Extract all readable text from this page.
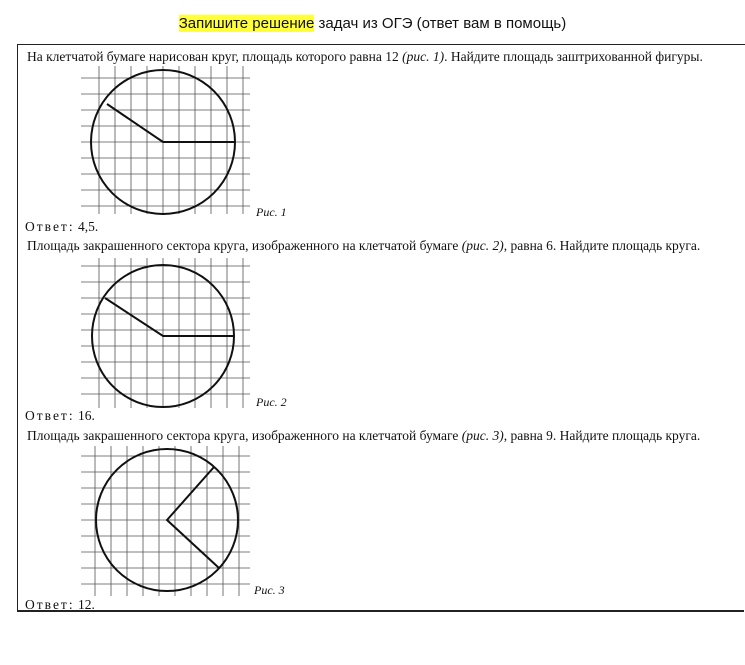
Запишите решение задач из ОГЭ (ответ вам в помощь)
На клетчатой бумаге нарисован круг, площадь которого равна 12 (рис. 1). Найдите площадь заштрихованной фигуры.
Рис. 1
Ответ: 4,5.
Площадь закрашенного сектора круга, изображенного на клетчатой бумаге (рис. 2), равна 6. Найдите площадь круга.
Рис. 2
Ответ: 16.
Площадь закрашенного сектора круга, изображенного на клетчатой бумаге (рис. 3), равна 9. Найдите площадь круга.
Рис. 3
Ответ: 12.
